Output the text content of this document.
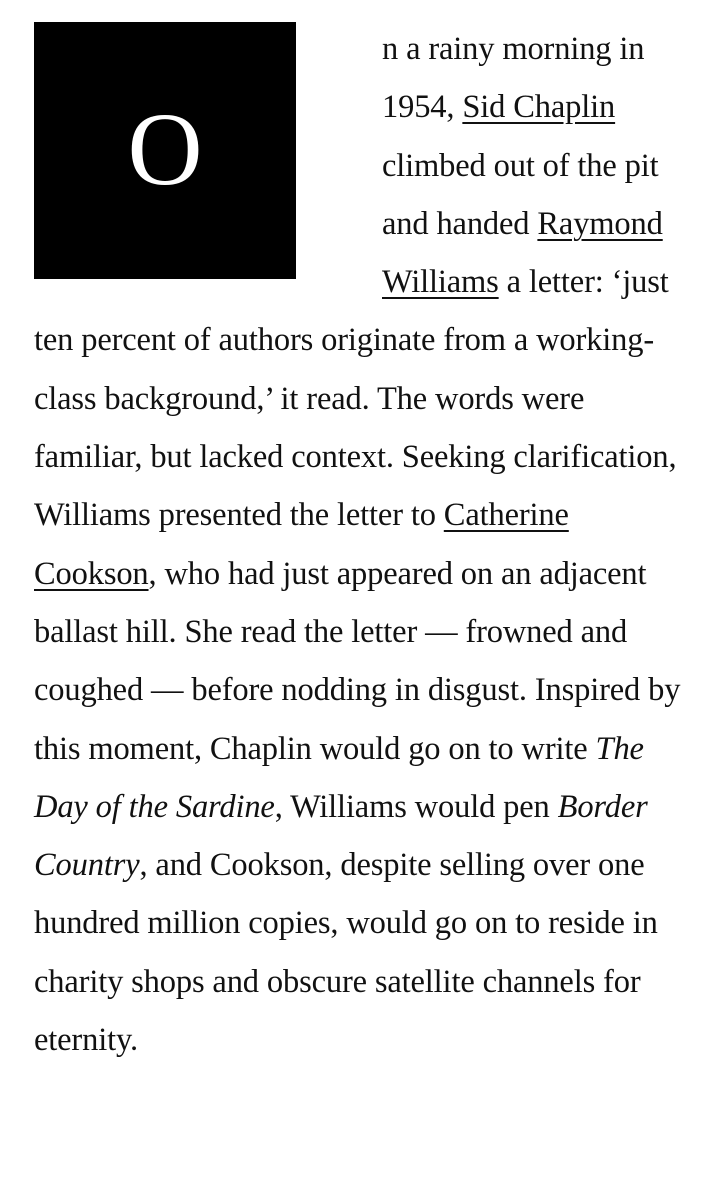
O

n a rainy morning in 1954, Sid Chaplin climbed out of the pit and handed Raymond Williams a letter: ‘just ten percent of authors originate from a working-class background,’ it read. The words were familiar, but lacked context. Seeking clarification, Williams presented the letter to Catherine Cookson, who had just appeared on an adjacent ballast hill. She read the letter — frowned and coughed — before nodding in disgust. Inspired by this moment, Chaplin would go on to write The Day of the Sardine, Williams would pen Border Country, and Cookson, despite selling over one hundred million copies, would go on to reside in charity shops and obscure satellite channels for eternity.
